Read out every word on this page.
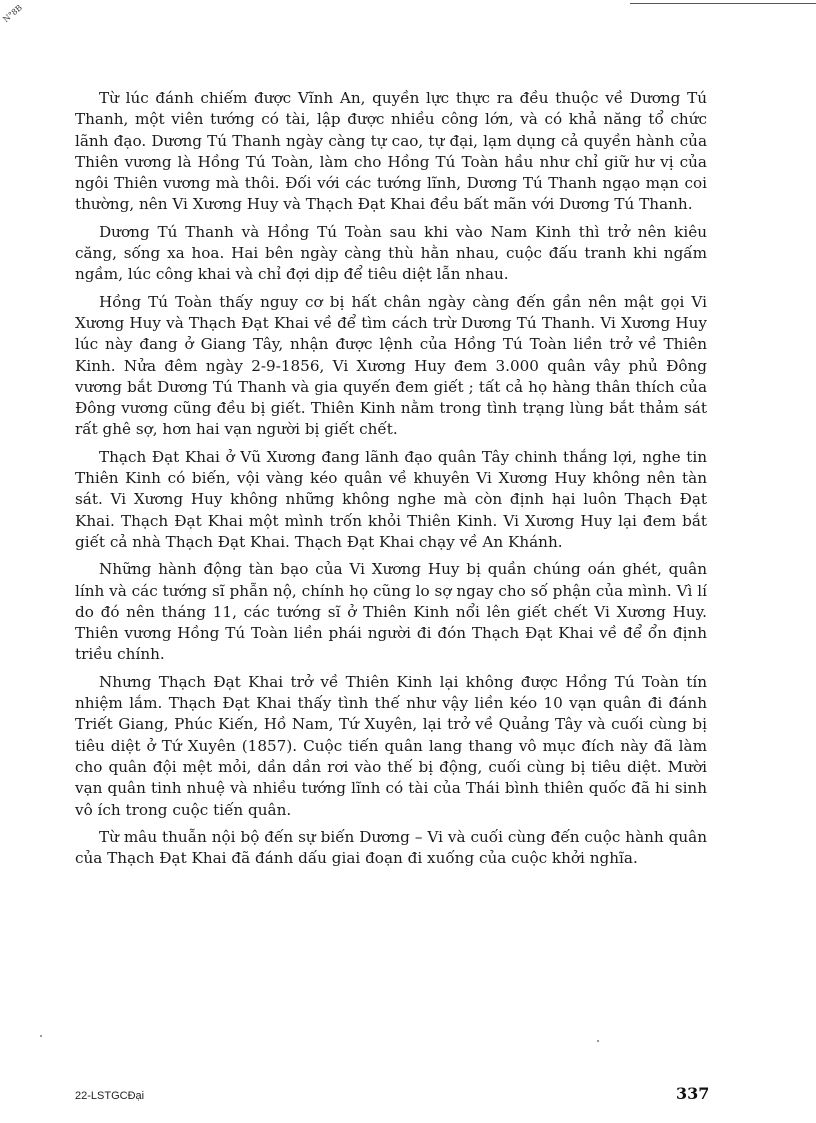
N°8B

Từ lúc đánh chiếm được Vĩnh An, quyền lực thực ra đều thuộc về Dương Tú Thanh, một viên tướng có tài, lập được nhiều công lớn, và có khả năng tổ chức lãnh đạo. Dương Tú Thanh ngày càng tự cao, tự đại, lạm dụng cả quyền hành của Thiên vương là Hồng Tú Toàn, làm cho Hồng Tú Toàn hầu như chỉ giữ hư vị của ngôi Thiên vương mà thôi. Đối với các tướng lĩnh, Dương Tú Thanh ngạo mạn coi thường, nên Vi Xương Huy và Thạch Đạt Khai đều bất mãn với Dương Tú Thanh.

Dương Tú Thanh và Hồng Tú Toàn sau khi vào Nam Kinh thì trở nên kiêu căng, sống xa hoa. Hai bên ngày càng thù hằn nhau, cuộc đấu tranh khi ngấm ngầm, lúc công khai và chỉ đợi dịp để tiêu diệt lẫn nhau.

Hồng Tú Toàn thấy nguy cơ bị hất chân ngày càng đến gần nên mật gọi Vi Xương Huy và Thạch Đạt Khai về để tìm cách trừ Dương Tú Thanh. Vi Xương Huy lúc này đang ở Giang Tây, nhận được lệnh của Hồng Tú Toàn liền trở về Thiên Kinh. Nửa đêm ngày 2-9-1856, Vi Xương Huy đem 3.000 quân vây phủ Đông vương bắt Dương Tú Thanh và gia quyến đem giết ; tất cả họ hàng thân thích của Đông vương cũng đều bị giết. Thiên Kinh nằm trong tình trạng lùng bắt thảm sát rất ghê sợ, hơn hai vạn người bị giết chết.

Thạch Đạt Khai ở Vũ Xương đang lãnh đạo quân Tây chinh thắng lợi, nghe tin Thiên Kinh có biến, vội vàng kéo quân về khuyên Vi Xương Huy không nên tàn sát. Vi Xương Huy không những không nghe mà còn định hại luôn Thạch Đạt Khai. Thạch Đạt Khai một mình trốn khỏi Thiên Kinh. Vi Xương Huy lại đem bắt giết cả nhà Thạch Đạt Khai. Thạch Đạt Khai chạy về An Khánh.

Những hành động tàn bạo của Vi Xương Huy bị quần chúng oán ghét, quân lính và các tướng sĩ phẫn nộ, chính họ cũng lo sợ ngay cho số phận của mình. Vì lí do đó nên tháng 11, các tướng sĩ ở Thiên Kinh nổi lên giết chết Vi Xương Huy. Thiên vương Hồng Tú Toàn liền phái người đi đón Thạch Đạt Khai về để ổn định triều chính.

Nhưng Thạch Đạt Khai trở về Thiên Kinh lại không được Hồng Tú Toàn tín nhiệm lắm. Thạch Đạt Khai thấy tình thế như vậy liền kéo 10 vạn quân đi đánh Triết Giang, Phúc Kiến, Hồ Nam, Tứ Xuyên, lại trở về Quảng Tây và cuối cùng bị tiêu diệt ở Tứ Xuyên (1857). Cuộc tiến quân lang thang vô mục đích này đã làm cho quân đội mệt mỏi, dần dần rơi vào thế bị động, cuối cùng bị tiêu diệt. Mười vạn quân tinh nhuệ và nhiều tướng lĩnh có tài của Thái bình thiên quốc đã hi sinh vô ích trong cuộc tiến quân.

Từ mâu thuẫn nội bộ đến sự biến Dương – Vi và cuối cùng đến cuộc hành quân của Thạch Đạt Khai đã đánh dấu giai đoạn đi xuống của cuộc khởi nghĩa.

22-LSTGCĐại	337
